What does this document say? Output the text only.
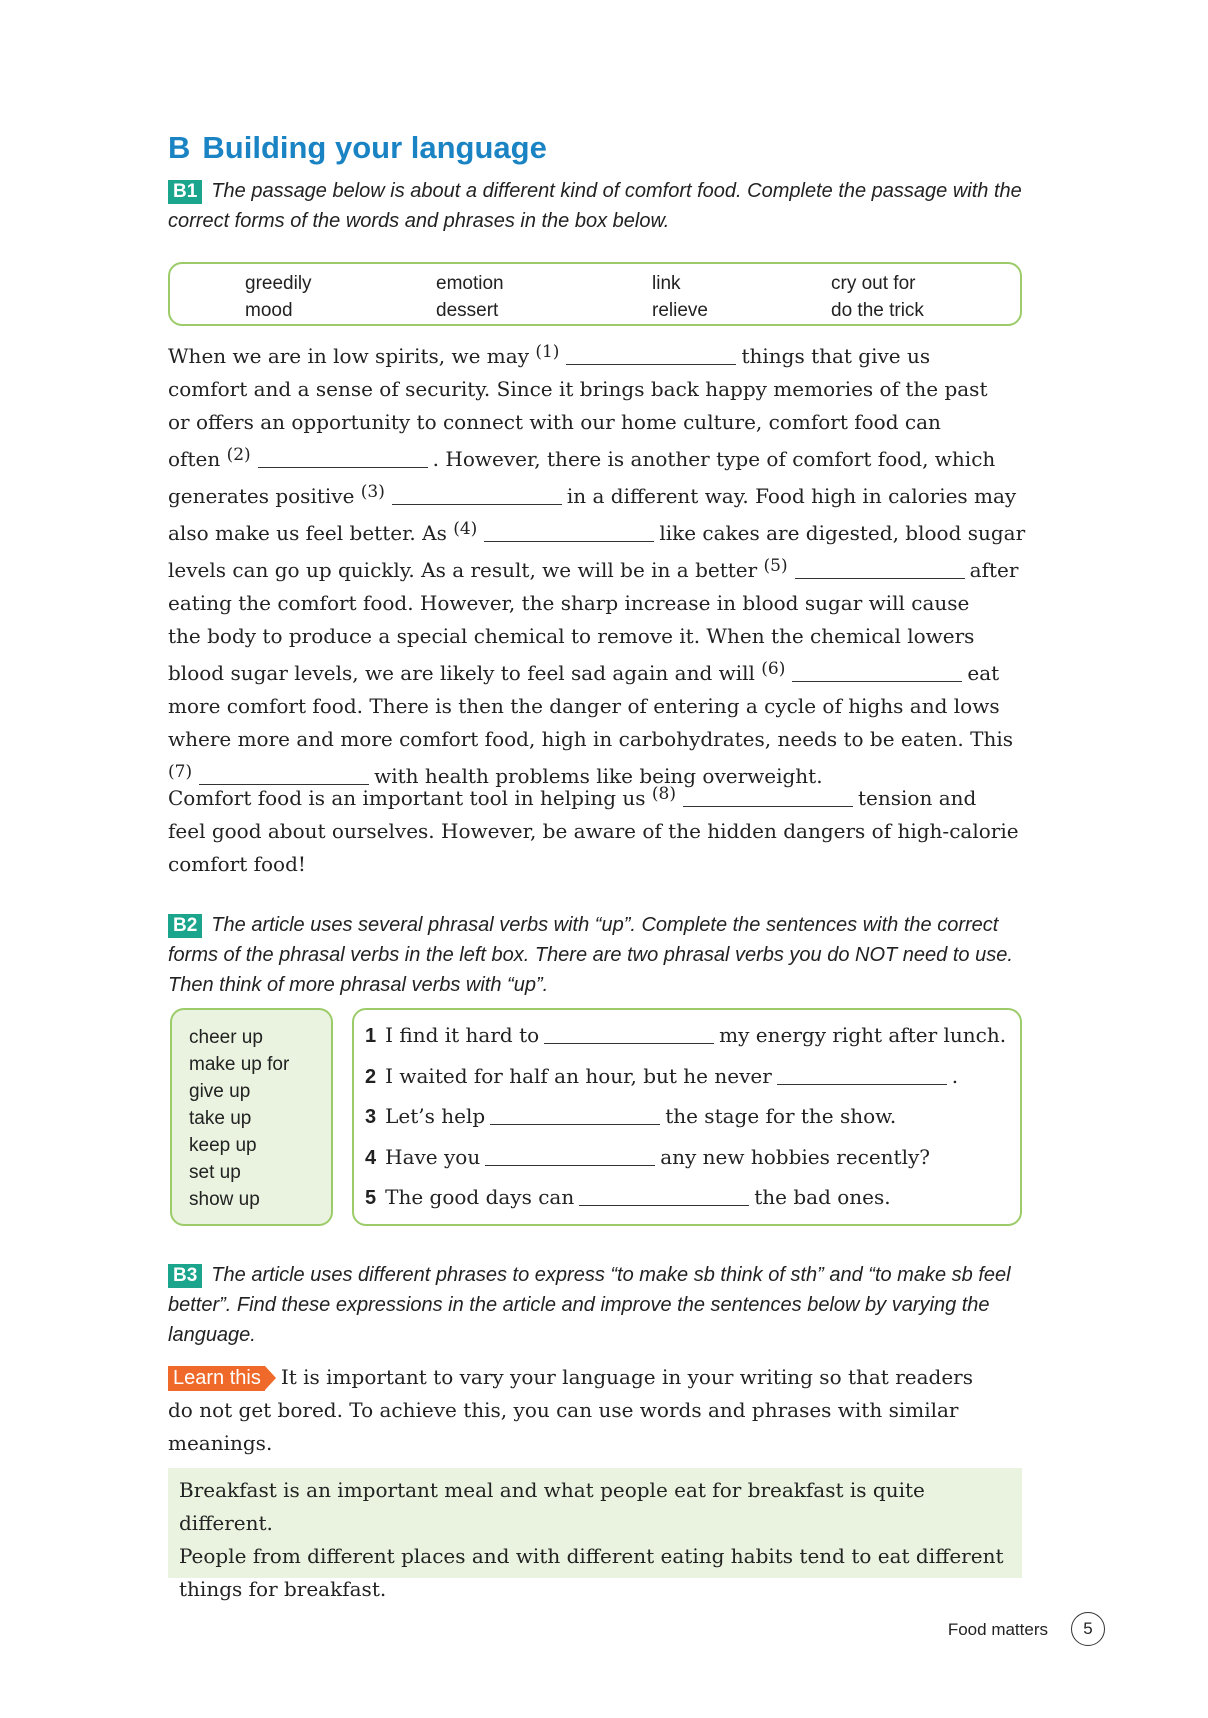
B Building your language

B1 The passage below is about a different kind of comfort food. Complete the passage with the correct forms of the words and phrases in the box below.

greedily	emotion	link	cry out for
mood	dessert	relieve	do the trick
When we are in low spirits, we may $^{(1)}$	things that give us
comfort and a sense of security. Since it brings back happy memories of the past
or offers an opportunity to connect with our home culture, comfort food can
often $^{(2)}$	. However, there is another type of comfort food, which
generates positive $^{(3)}$	in a different way. Food high in calories may
also make us feel better. As $^{(4)}$	like cakes are digested, blood sugar
levels can go up quickly. As a result, we will be in a better $^{(5)}$	after
eating the comfort food. However, the sharp increase in blood sugar will cause
the body to produce a special chemical to remove it. When the chemical lowers
blood sugar levels, we are likely to feel sad again and will $^{(6)}$	eat
more comfort food. There is then the danger of entering a cycle of highs and lows
where more and more comfort food, high in carbohydrates, needs to be eaten. This
$^{(7)}$	with health problems like being overweight.
Comfort food is an important tool in helping us $^{(8)}$	tension and
feel good about ourselves. However, be aware of the hidden dangers of high-calorie
comfort food!

B2 The article uses several phrasal verbs with “up”. Complete the sentences with the correct forms of the phrasal verbs in the left box. There are two phrasal verbs you do NOT need to use. Then think of more phrasal verbs with “up”.

cheer up
make up for
give up
take up
keep up
set up
show up
1 I find it hard to	my energy right after lunch.
2 I waited for half an hour, but he never	.
3 Let’s help	the stage for the show.
4 Have you	any new hobbies recently?
5 The good days can	the bad ones.

B3 The article uses different phrases to express “to make sb think of sth” and “to make sb feel better”. Find these expressions in the article and improve the sentences below by varying the language.

Learn this It is important to vary your language in your writing so that readers
do not get bored. To achieve this, you can use words and phrases with similar
meanings.
Breakfast is an important meal and what people eat for breakfast is quite different.
People from different places and with different eating habits tend to eat different
things for breakfast.
Food matters	5
